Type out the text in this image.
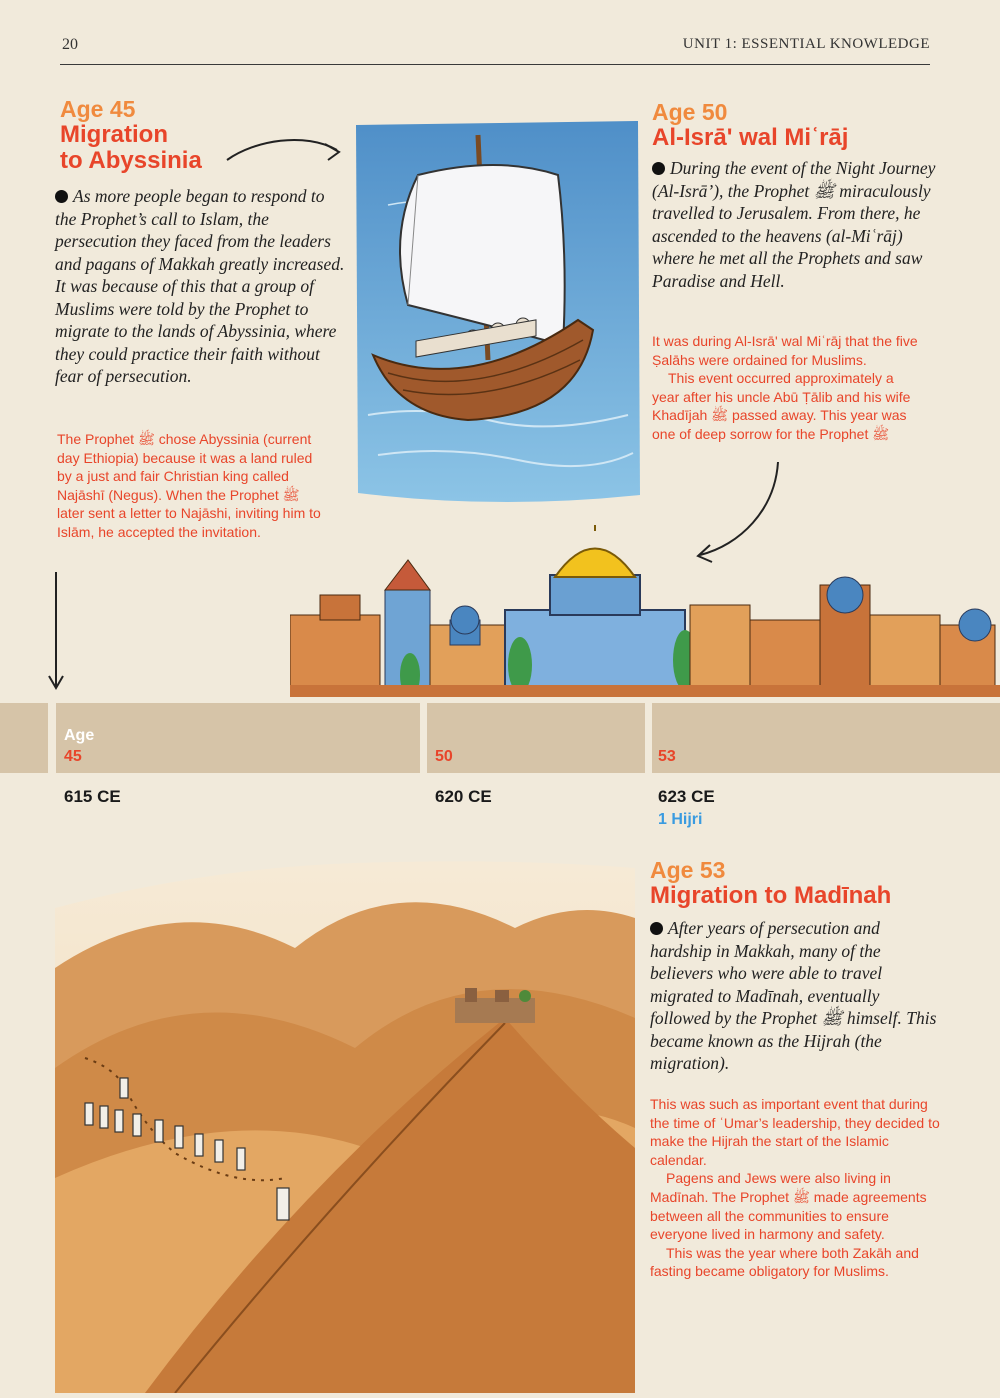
20	UNIT 1: ESSENTIAL KNOWLEDGE
Age 45
Migration
to Abyssinia
As more people began to respond to the Prophet’s call to Islam, the persecution they faced from the leaders and pagans of Makkah greatly increased. It was because of this that a group of Muslims were told by the Prophet to migrate to the lands of Abyssinia, where they could practice their faith without fear of persecution.

The Prophet ﷺ chose Abyssinia (current day Ethiopia) because it was a land ruled by a just and fair Christian king called Najāshī (Negus). When the Prophet ﷺ later sent a letter to Najāshi, inviting him to Islām, he accepted the invitation.

Age 50
Al-Isrā' wal Miʿrāj
During the event of the Night Journey (Al-Isrā’), the Prophet ﷺ miraculously travelled to Jerusalem. From there, he ascended to the heavens (al-Miʿrāj) where he met all the Prophets and saw Paradise and Hell.

It was during Al-Isrā' wal Miʿrāj that the five Ṣalāhs were ordained for Muslims.

This event occurred approximately a year after his uncle Abū Ṭālib and his wife Khadījah ﷺ passed away. This year was one of deep sorrow for the Prophet ﷺ

Age
45	50	53
615 CE	620 CE	623 CE
1 Hijri
Age 53
Migration to Madīnah
After years of persecution and hardship in Makkah, many of the believers who were able to travel migrated to Madīnah, eventually followed by the Prophet ﷺ himself. This became known as the Hijrah (the migration).

This was such as important event that during the time of ʿUmar’s leadership, they decided to make the Hijrah the start of the Islamic calendar.

Pagens and Jews were also living in Madīnah. The Prophet ﷺ made agreements between all the communities to ensure everyone lived in harmony and safety.

This was the year where both Zakāh and fasting became obligatory for Muslims.
